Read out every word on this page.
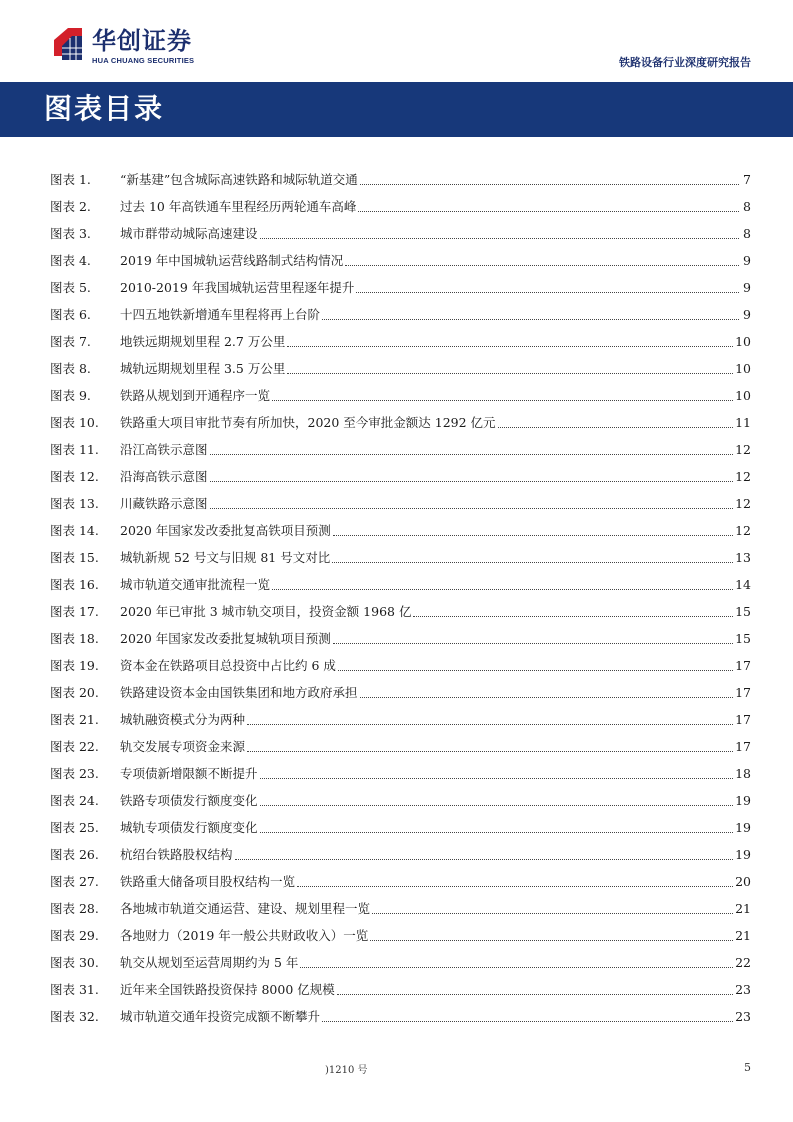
华创证券
HUA CHUANG SECURITIES	铁路设备行业深度研究报告
图表目录
图表 1.	“新基建”包含城际高速铁路和城际轨道交通	7
图表 2.	过去 10 年高铁通车里程经历两轮通车高峰	8
图表 3.	城市群带动城际高速建设	8
图表 4.	2019 年中国城轨运营线路制式结构情况	9
图表 5.	2010-2019 年我国城轨运营里程逐年提升	9
图表 6.	十四五地铁新增通车里程将再上台阶	9
图表 7.	地铁远期规划里程 2.7 万公里	10
图表 8.	城轨远期规划里程 3.5 万公里	10
图表 9.	铁路从规划到开通程序一览	10
图表 10.	铁路重大项目审批节奏有所加快，2020 至今审批金额达 1292 亿元	11
图表 11.	沿江高铁示意图	12
图表 12.	沿海高铁示意图	12
图表 13.	川藏铁路示意图	12
图表 14.	2020 年国家发改委批复高铁项目预测	12
图表 15.	城轨新规 52 号文与旧规 81 号文对比	13
图表 16.	城市轨道交通审批流程一览	14
图表 17.	2020 年已审批 3 城市轨交项目，投资金额 1968 亿	15
图表 18.	2020 年国家发改委批复城轨项目预测	15
图表 19.	资本金在铁路项目总投资中占比约 6 成	17
图表 20.	铁路建设资本金由国铁集团和地方政府承担	17
图表 21.	城轨融资模式分为两种	17
图表 22.	轨交发展专项资金来源	17
图表 23.	专项债新增限额不断提升	18
图表 24.	铁路专项债发行额度变化	19
图表 25.	城轨专项债发行额度变化	19
图表 26.	杭绍台铁路股权结构	19
图表 27.	铁路重大储备项目股权结构一览	20
图表 28.	各地城市轨道交通运营、建设、规划里程一览	21
图表 29.	各地财力（2019 年一般公共财政收入）一览	21
图表 30.	轨交从规划至运营周期约为 5 年	22
图表 31.	近年来全国铁路投资保持 8000 亿规模	23
图表 32.	城市轨道交通年投资完成额不断攀升	23
)1210 号	5
